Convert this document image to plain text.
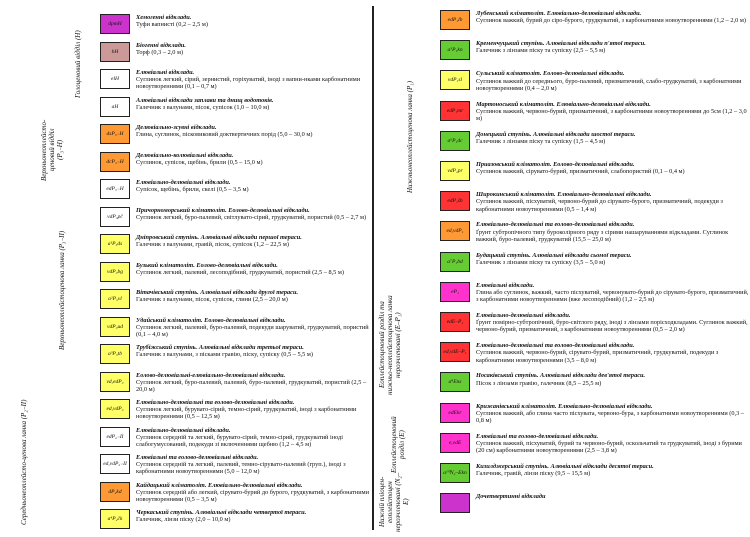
Голоценовий відділ (H)
Верхньонеоплейсто-ценовий відділ (Р₃₋Н)
Верхньонеоплейстоценова ланка (Р₃₋ІІ)
Середньонеоплейсто-ценова ланка (Р₂₋ІІ)
dpmH
Хемогенні відклади.
Туфи вапнисті (0,2 – 2,5 м)
bH
Біогенні відклади.
Торф (0,3 – 2,0 м)
elH
Елювіальні відклади.
Суглинок легкий, сірий, зернистий, горіхуватий, іноді з вапни-нками карбонатними новоутвореннями (0,1 – 0,7 м)
aH
Алювіальні відклади заплави та днищ водотоків.
Галечник з валунами, пісок, супісок (1,0 – 10,0 м)
dsP₃₋H
Делювіально-зсувні відклади.
Глина, суглинок, пісковиковий доктвертичних порід (5,0 – 30,0 м)
dcP₃₋H
Делювіально-колювіальні відклади.
Суглинок, супісок, щебінь, брили (0,5 – 15,0 м)
edP₃₋H
Елювіально-делювіальні відклади.
Супісок, щебінь, брили, скелі (0,5 – 3,5 м)
vdP₃pč
Причорноморський кліматоліт. Еолово-делювіальні відклади.
Суглинок легкий, буро-палевий, світлувато-сірий, грудкуватий, пористий (0,5 – 2,7 м)
a¹P₃ds
Дніпровський ступінь. Алювіальні відклади першої тераси.
Галечник з валунами, гравій, пісок, супісок (1,2 – 22,5 м)
vdP₃bg
Бузький кліматоліт. Еолово-делювіальні відклади.
Суглинок легкий, палевий, лесоподібний, грудкуватий, пористий (2,5 – 8,5 м)
a²P₃vl
Вітачівський ступінь. Алювіальні відклади другої тераси.
Галечник з валунами, пісок, супісок, глини (2,5 – 20,0 м)
vdP₃ud
Удайський кліматоліт. Еолово-делювіальні відклади.
Суглинок легкий, палевий, буро-палевий, подекуди шаруватий, грудкуватий, пористий (0,1 – 4,0 м)
a³P₃tb
Трубіжський ступінь. Алювіальні відклади третьої тераси.
Галечник з валунами, з пісками гравію, піску, супіску (0,5 – 5,5 м)
vd,edP₃
Еолово-делювіальні-елювіально-делювіальні відклади.
Суглинок легкий, буро-палевий, палевий, буро-палевий, грудкуватий, пористий (2,5 – 20,0 м)
ed,vdP₃
Елювіально-делювіальні та еолово-делювіальні відклади.
Суглинок легкий, бурувато-сірий, темно-сірий, грудкуватий, іноді з карбонатними новоутвореннями (0,5 – 12,5 м)
edP₂₋ІІ
Елювіально-делювіальні відклади.
Суглинок середній та легкий, бурувато-сірий, темно-сірий, грудкуватий іноді слабогумусований, подекуди зі включеннями щебню (1,2 – 4,5 м)
ed,vdP₂₋ІІ
Елювіальні та еолово-делювіальні відклади.
Суглинок середній та легкий, палевий, темно-сірувато-палевий (груп.), іноді з карбонатними новоутвореннями (5,0 – 12,0 м)
dP₂kd
Кайдацький кліматоліт. Елювіально-делювіальні відклади.
Суглинок середній або легкий, сірувато-бурий до бурого, грудкуватий, з карбонатними новоутвореннями (0,5 – 3,5 м)
a⁴P₂čk
Черкаський ступінь. Алювіальні відклади четвертої тераси.
Галечник, лінзи піску (2,0 – 10,0 м)
Нижньонеоплейстоценова ланка (P₁)
Еоплейстоценовий розділ та нижньо-неоплейстоценова ланка нерозчленовані (E–P₁)
Еоплейстоценовий розділ (E)
Нижній пліоцен-еоплейстоцен нерозчленовані (N₂–E)
edP₁lb
Лубенський кліматоліт. Елювіально-делювіальні відклади.
Суглинок важкий, бурий до сіро-бурого, грудкуватий, з карбонатними новоутвореннями (1,2 – 2,0 м)
a⁵P₁kn
Кременчуцький ступінь. Алювіальні відклади п'ятої тераси.
Галечник з лінзами піску та супіску (2,5 – 5,5 м)
vdP₁sl
Сульський кліматоліт. Еолово-делювіальні відклади.
Суглинок важкий до середнього, буро-палевий, призматичний, слабо-грудкуватий, з карбонатними новоутвореннями (0,4 – 2,0 м)
edP₁mr
Мартоноський кліматоліт. Елювіально-делювіальні відклади.
Суглинок важкий, червоно-бурий, призматичний, з карбонатними новоутвореннями до 5см (1,2 – 3,0 м)
a⁶P₁dc
Донецький ступінь. Алювіальні відклади шостої тераси.
Галечник з лінзами піску та супіску (1,5 – 4,5 м)
vdP₁pr
Приазовський кліматоліт. Еолово-делювіальні відклади.
Суглинок важкий, сірувато-бурий, призматичний, слабопористий (0,1 – 0,4 м)
edP₁šh
Широкинський кліматоліт. Елювіально-делювіальні відклади.
Суглинок важкий, пісхуватий, червоно-бурий до сірувато-бурого, призматичний, подекуди з карбонатними новоутвореннями (0,5 – 1,4 м)
ed,vdP₁
Елювіально-делювіальні та еолово-делювіальні відклади.
Ґрунт субтропічного типу буроколірного ряду з сірими нашаруваннями відкладами. Суглинок важкий, буро-палевий, грудкуватий (15,5 – 25,0 м)
a⁷P₁bd
Будацький ступінь. Алювіальні відклади сьомої тераси.
Галечник з лінзами піску та супіску (3,5 – 5,0 м)
eP₁
Елювіальні відклади.
Глина або суглинок, важкий, часто пісхуватий, червонувато-бурий до сірувато-бурого, призматичний, з карбонатними новоутвореннями (вже лесоподібний) (1,2 – 2,5 м)
edE–P₁
Елювіально-делювіальні відклади.
Ґрунт помірно-субтропічний, буро-світлого ряду, іноді з лінзами порісходкладами. Суглинок важкий, червоно-бурий, призматичний, з карбонатними новоутвореннями (0,5 – 2,0 м)
ed,vdE–P₁
Елювіально-делювіальні та еолово-делювіальні відклади.
Суглинок важкий, червоно-бурий, сірувато-бурий, призматичний, грудкуватий, подекуди з карбонатними новоутвореннями (3,5 – 8,0 м)
a⁸Ens
Носаківський ступінь. Алювіальні відклади дев'ятої тераси.
Пісок з лінзами гравію, галечник (8,5 – 25,5 м)
edEkr
Крижанівський кліматоліт. Елювіально-делювіальні відклади.
Суглинок важкий, або глина часто пісхувата, червоно-бура, з карбонатними новоутвореннями (0,3 – 0,8 м)
e,vdE
Елювіальні та еолово-делювіальні відклади.
Суглинок важкий, пісхуватий, бурий та червоно-бурий, оскольчатий та грудкуватий, іноді з бурими (20 см) карбонатними новоутвореннями (2,5 – 3,8 м)
a¹⁰N₂–Ekn
Кизилджерський ступінь. Алювіальні відклади десятої тераси.
Галечник, гравій, лінзи піску (9,5 – 15,5 м)
Дочетвертинні відклади
